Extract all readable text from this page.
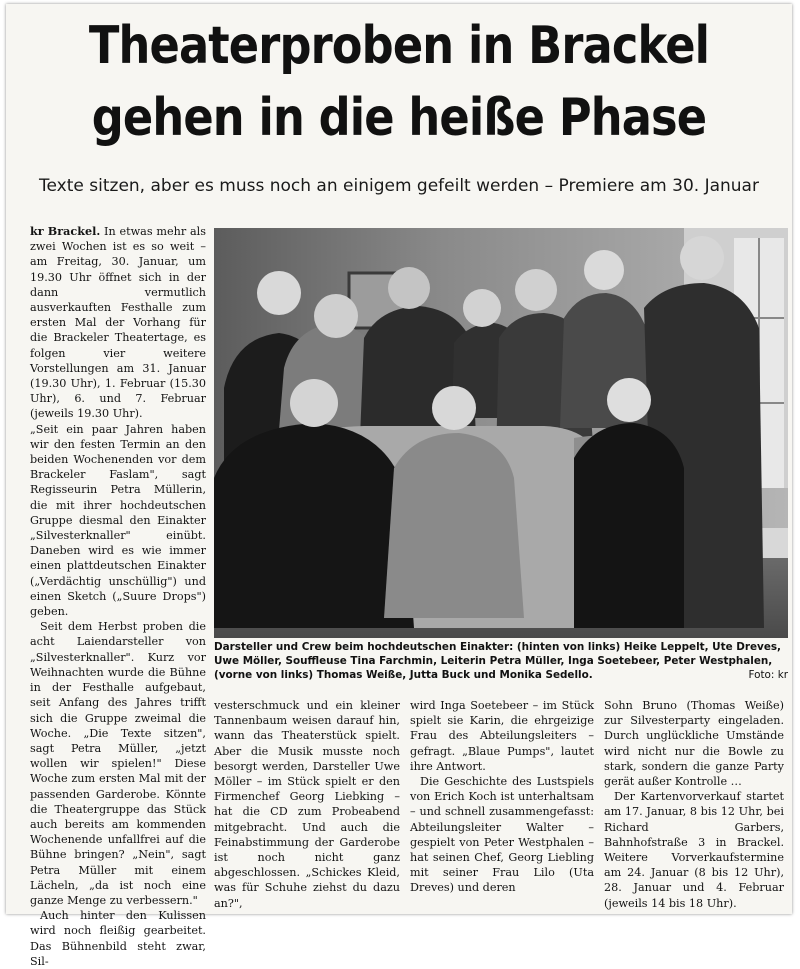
Theaterproben in Brackel
gehen in die heiße Phase
Texte sitzen, aber es muss noch an einigem gefeilt werden – Premiere am 30. Januar

kr Brackel. In etwas mehr als zwei Wochen ist es so weit – am Freitag, 30. Januar, um 19.30 Uhr öffnet sich in der dann vermutlich ausverkauften Festhalle zum ersten Mal der Vorhang für die Brackeler Theatertage, es folgen vier weitere Vorstellungen am 31. Januar (19.30 Uhr), 1. Februar (15.30 Uhr), 6. und 7. Februar (jeweils 19.30 Uhr).

„Seit ein paar Jahren haben wir den festen Termin an den beiden Wochenenden vor dem Brackeler Faslam", sagt Regisseurin Petra Müllerin, die mit ihrer hochdeutschen Gruppe diesmal den Einakter „Silvesterknaller" einübt. Daneben wird es wie immer einen plattdeutschen Einakter („Verdächtig unschüllig") und einen Sketch („Suure Drops") geben.

Seit dem Herbst proben die acht Laiendarsteller von „Silvesterknaller". Kurz vor Weihnachten wurde die Bühne in der Festhalle aufgebaut, seit Anfang des Jahres trifft sich die Gruppe zweimal die Woche. „Die Texte sitzen", sagt Petra Müller, „jetzt wollen wir spielen!" Diese Woche zum ersten Mal mit der passenden Garderobe. Könnte die Theatergruppe das Stück auch bereits am kommenden Wochenende unfallfrei auf die Bühne bringen? „Nein", sagt Petra Müller mit einem Lächeln, „da ist noch eine ganze Menge zu verbessern."

Auch hinter den Kulissen wird noch fleißig gearbeitet. Das Bühnenbild steht zwar, Sil-

Darsteller und Crew beim hochdeutschen Einakter: (hinten von links) Heike Leppelt, Ute Dreves, Uwe Möller, Souffleuse Tina Farchmin, Leiterin Petra Müller, Inga Soetebeer, Peter Westphalen, (vorne von links) Thomas Weiße, Jutta Buck und Monika Sedello.	Foto: kr

vesterschmuck und ein kleiner Tannenbaum weisen darauf hin, wann das Theaterstück spielt. Aber die Musik musste noch besorgt werden, Darsteller Uwe Möller – im Stück spielt er den Firmenchef Georg Liebking – hat die CD zum Probeabend mitgebracht. Und auch die Feinabstimmung der Garderobe ist noch nicht ganz abgeschlossen. „Schickes Kleid, was für Schuhe ziehst du dazu an?",

wird Inga Soetebeer – im Stück spielt sie Karin, die ehrgeizige Frau des Abteilungsleiters – gefragt. „Blaue Pumps", lautet ihre Antwort.

Die Geschichte des Lustspiels von Erich Koch ist unterhaltsam – und schnell zusammengefasst: Abteilungsleiter Walter – gespielt von Peter Westphalen – hat seinen Chef, Georg Liebling mit seiner Frau Lilo (Uta Dreves) und deren

Sohn Bruno (Thomas Weiße) zur Silvesterparty eingeladen. Durch unglückliche Umstände wird nicht nur die Bowle zu stark, sondern die ganze Party gerät außer Kontrolle …

Der Kartenvorverkauf startet am 17. Januar, 8 bis 12 Uhr, bei Richard Garbers, Bahnhofstraße 3 in Brackel. Weitere Vorverkaufstermine am 24. Januar (8 bis 12 Uhr), 28. Januar und 4. Februar (jeweils 14 bis 18 Uhr).
